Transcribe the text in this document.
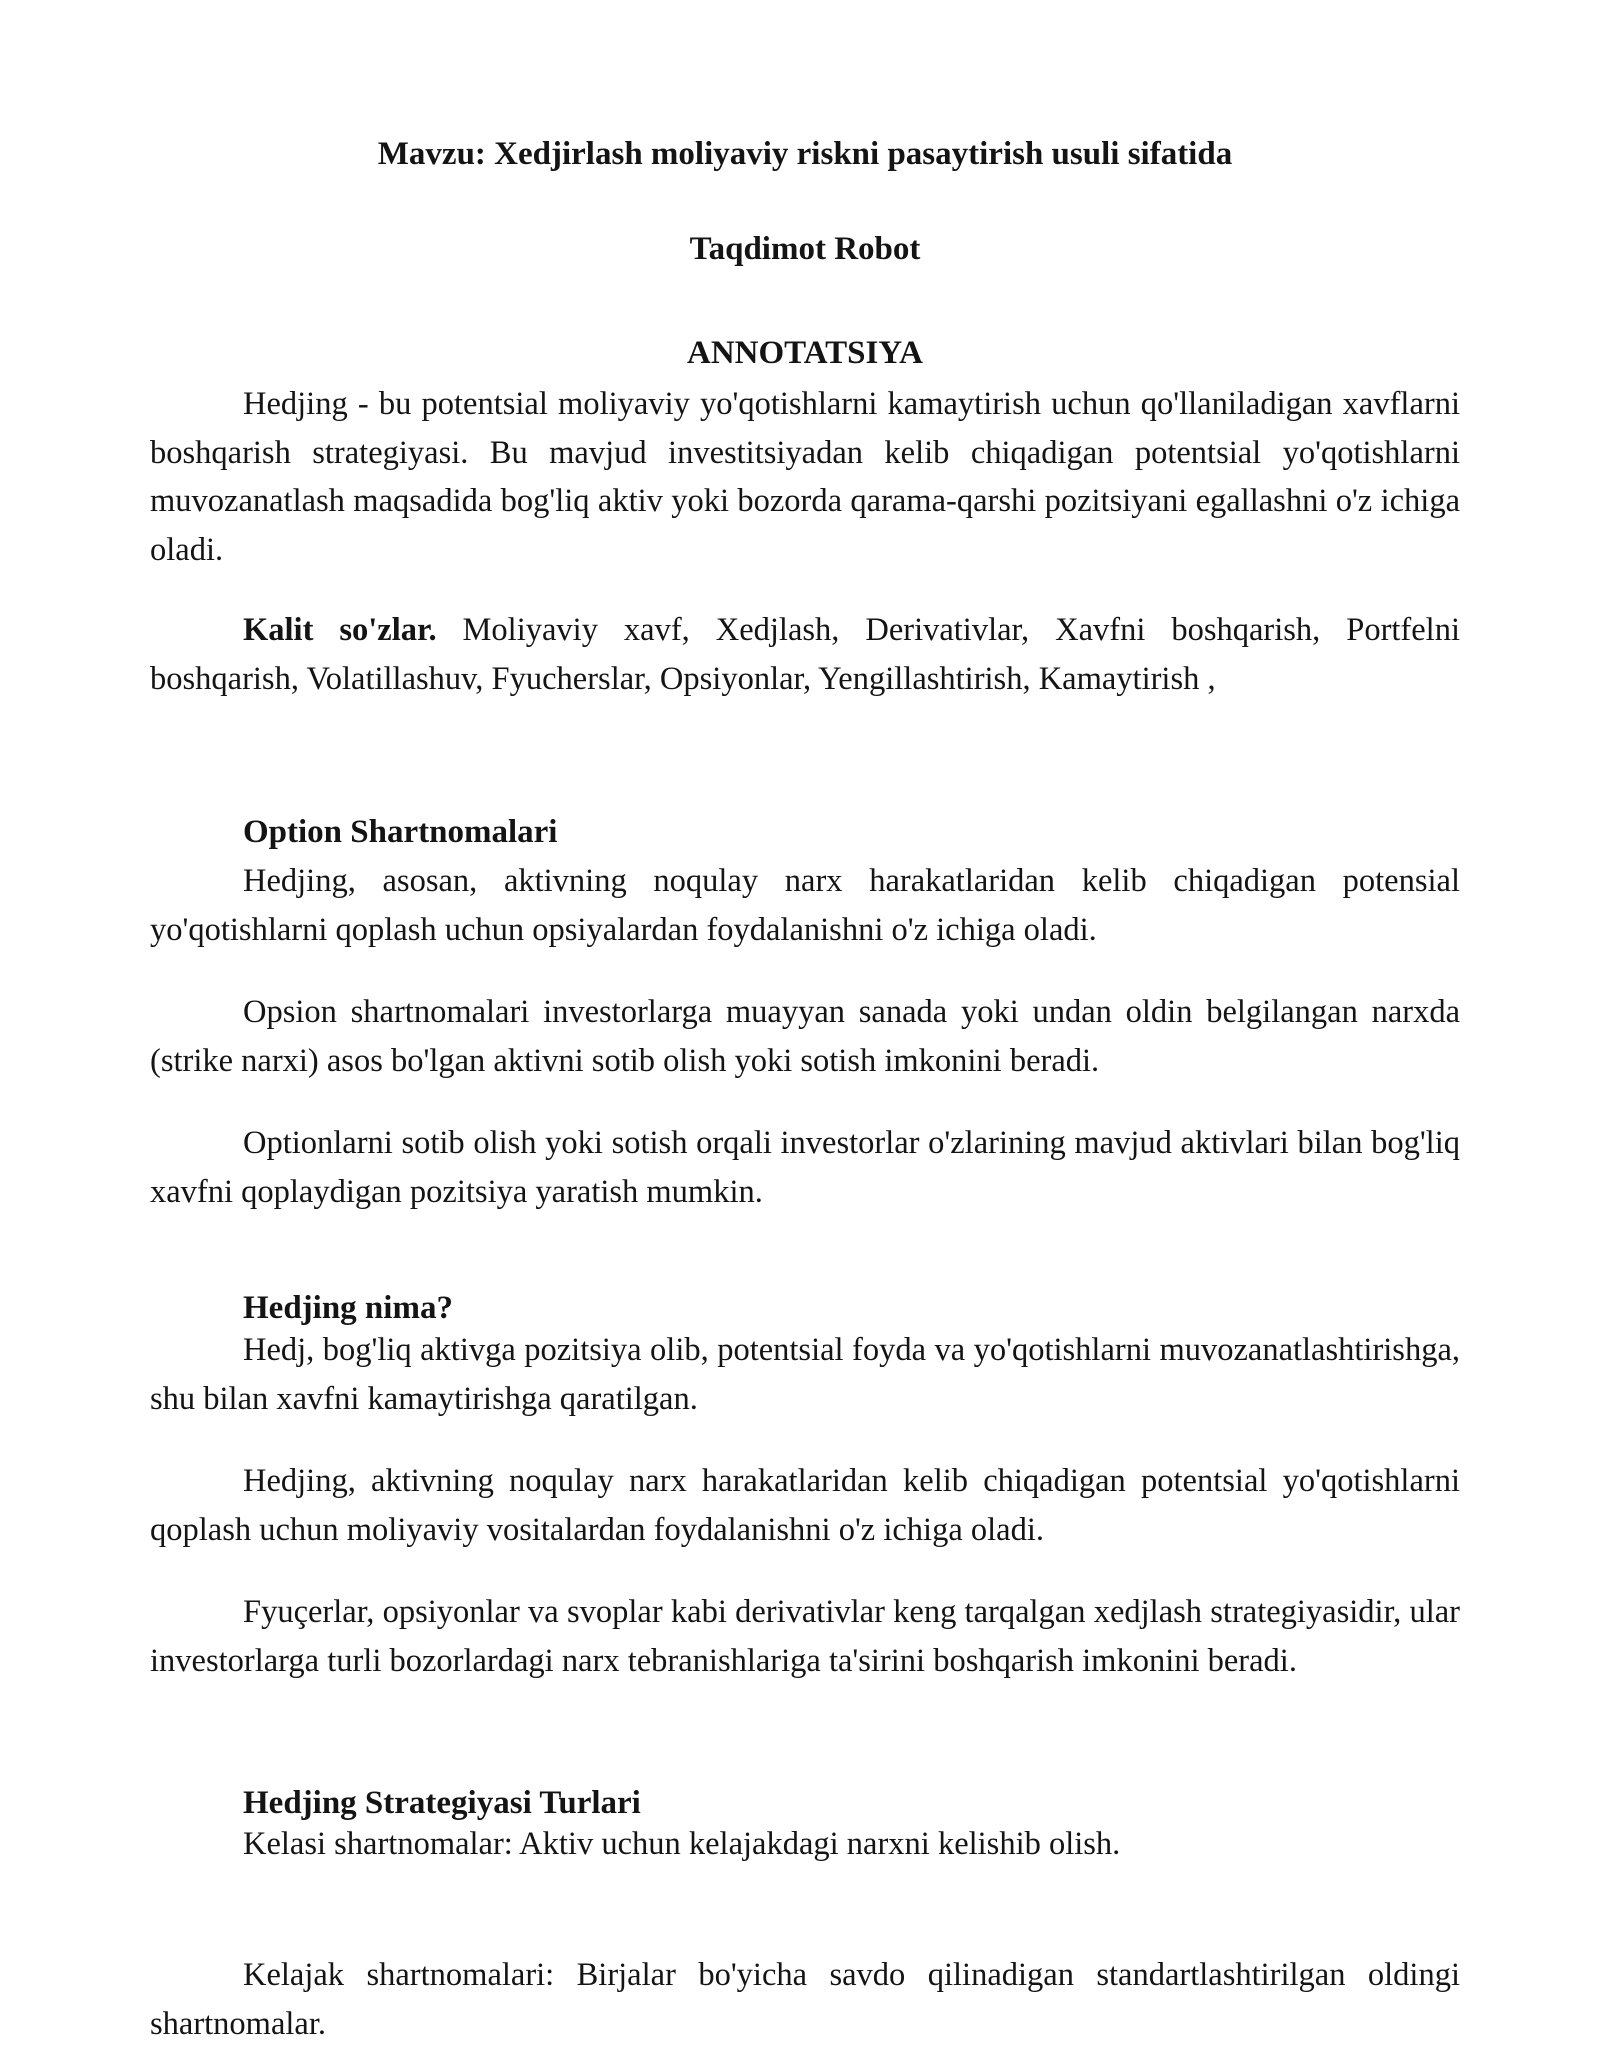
Mavzu: Xedjirlash moliyaviy riskni pasaytirish usuli sifatida
Taqdimot Robot
ANNOTATSIYA

Hedjing - bu potentsial moliyaviy yo'qotishlarni kamaytirish uchun qo'llaniladigan xavflarni boshqarish strategiyasi. Bu mavjud investitsiyadan kelib chiqadigan potentsial yo'qotishlarni muvozanatlash maqsadida bog'liq aktiv yoki bozorda qarama-qarshi pozitsiyani egallashni o'z ichiga oladi.

Kalit so'zlar. Moliyaviy xavf, Xedjlash, Derivativlar, Xavfni boshqarish, Portfelni boshqarish, Volatillashuv, Fyucherslar, Opsiyonlar, Yengillashtirish, Kamaytirish ,

Option Shartnomalari

Hedjing, asosan, aktivning noqulay narx harakatlaridan kelib chiqadigan potensial yo'qotishlarni qoplash uchun opsiyalardan foydalanishni o'z ichiga oladi.

Opsion shartnomalari investorlarga muayyan sanada yoki undan oldin belgilangan narxda (strike narxi) asos bo'lgan aktivni sotib olish yoki sotish imkonini beradi.

Optionlarni sotib olish yoki sotish orqali investorlar o'zlarining mavjud aktivlari bilan bog'liq xavfni qoplaydigan pozitsiya yaratish mumkin.

Hedjing nima?

Hedj, bog'liq aktivga pozitsiya olib, potentsial foyda va yo'qotishlarni muvozanatlashtirishga, shu bilan xavfni kamaytirishga qaratilgan.

Hedjing, aktivning noqulay narx harakatlaridan kelib chiqadigan potentsial yo'qotishlarni qoplash uchun moliyaviy vositalardan foydalanishni o'z ichiga oladi.

Fyuçerlar, opsiyonlar va svoplar kabi derivativlar keng tarqalgan xedjlash strategiyasidir, ular investorlarga turli bozorlardagi narx tebranishlariga ta'sirini boshqarish imkonini beradi.

Hedjing Strategiyasi Turlari

Kelasi shartnomalar: Aktiv uchun kelajakdagi narxni kelishib olish.

Kelajak shartnomalari: Birjalar bo'yicha savdo qilinadigan standartlashtirilgan oldingi shartnomalar.
